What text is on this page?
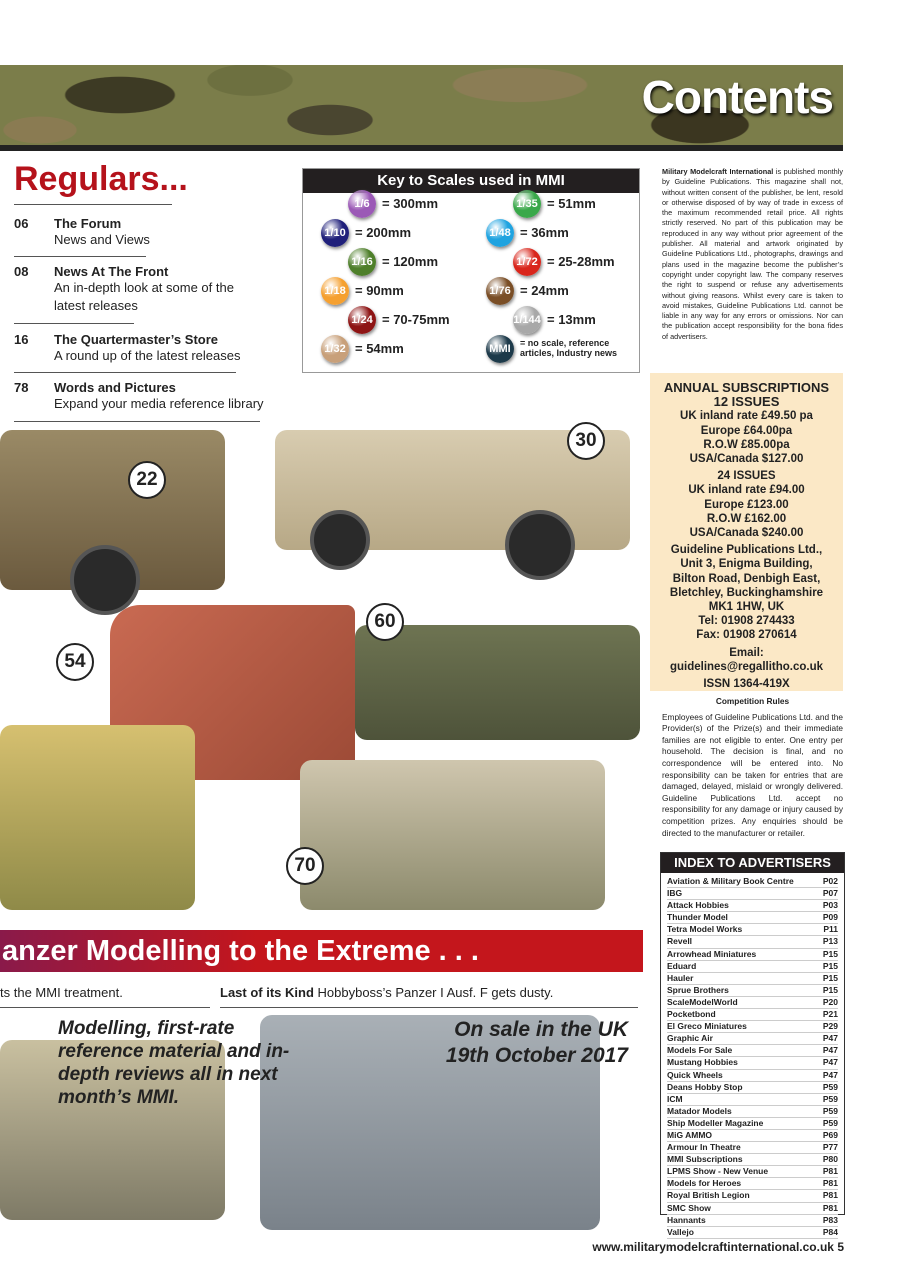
Contents
Regulars...
06 The Forum
News and Views
08 News At The Front
An in-depth look at some of the latest releases
16 The Quartermaster’s Store
A round up of the latest releases
78 Words and Pictures
Expand your media reference library
Key to Scales used in MMI
1/6 = 300mm
1/10 = 200mm
1/16 = 120mm
1/18 = 90mm
1/24 = 70-75mm
1/32 = 54mm
1/35 = 51mm
1/48 = 36mm
1/72 = 25-28mm
1/76 = 24mm
1/144 = 13mm
MMI	= no scale, reference articles, Industry news
Military Modelcraft International is published monthly by Guideline Publications. This magazine shall not, without written consent of the publisher, be lent, resold or otherwise disposed of by way of trade in excess of the maximum recommended retail price. All rights strictly reserved. No part of this publication may be reproduced in any way without prior agreement of the publisher. All material and artwork originated by Guideline Publications Ltd., photographs, drawings and plans used in the magazine become the publisher’s copyright under copyright law. The company reserves the right to suspend or refuse any advertisements without giving reasons. Whilst every care is taken to avoid mistakes, Guideline Publications Ltd. cannot be liable in any way for any errors or omissions. Nor can the publication accept responsibility for the bona fides of advertisers.
ANNUAL SUBSCRIPTIONS
12 ISSUES
UK inland rate £49.50 pa
Europe £64.00pa
R.O.W £85.00pa
USA/Canada $127.00
24 ISSUES
UK inland rate £94.00
Europe £123.00
R.O.W £162.00
USA/Canada $240.00
Guideline Publications Ltd.,
Unit 3, Enigma Building,
Bilton Road, Denbigh East,
Bletchley, Buckinghamshire
MK1 1HW, UK
Tel: 01908 274433
Fax: 01908 270614
Email:
guidelines@regallitho.co.uk
ISSN 1364-419X
Competition Rules
Employees of Guideline Publications Ltd. and the Provider(s) of the Prize(s) and their immediate families are not eligible to enter. One entry per household. The decision is final, and no correspondence will be entered into. No responsibility can be taken for entries that are damaged, delayed, mislaid or wrongly delivered. Guideline Publications Ltd. accept no responsibility for any damage or injury caused by competition prizes. Any enquiries should be directed to the manufacturer or retailer.
INDEX TO ADVERTISERS
Aviation & Military Book Centre	P02
IBG	P07
Attack Hobbies	P03
Thunder Model	P09
Tetra Model Works	P11
Revell	P13
Arrowhead Miniatures	P15
Eduard	P15
Hauler	P15
Sprue Brothers	P15
ScaleModelWorld	P20
Pocketbond	P21
El Greco Miniatures	P29
Graphic Air	P47
Models For Sale	P47
Mustang Hobbies	P47
Quick Wheels	P47
Deans Hobby Stop	P59
ICM	P59
Matador Models	P59
Ship Modeller Magazine	P59
MiG AMMO	P69
Armour In Theatre	P77
MMI Subscriptions	P80
LPMS Show - New Venue	P81
Models for Heroes	P81
Royal British Legion	P81
SMC Show	P81
Hannants	P83
Vallejo	P84
22
30
54
60
70
anzer Modelling to the Extreme . . .
ts the MMI treatment.	Last of its Kind Hobbyboss’s Panzer I Ausf. F gets dusty.
Modelling, first-rate reference material and in-depth reviews all in next month’s MMI.
On sale in the UK 19th October 2017
www.militarymodelcraftinternational.co.uk 5
